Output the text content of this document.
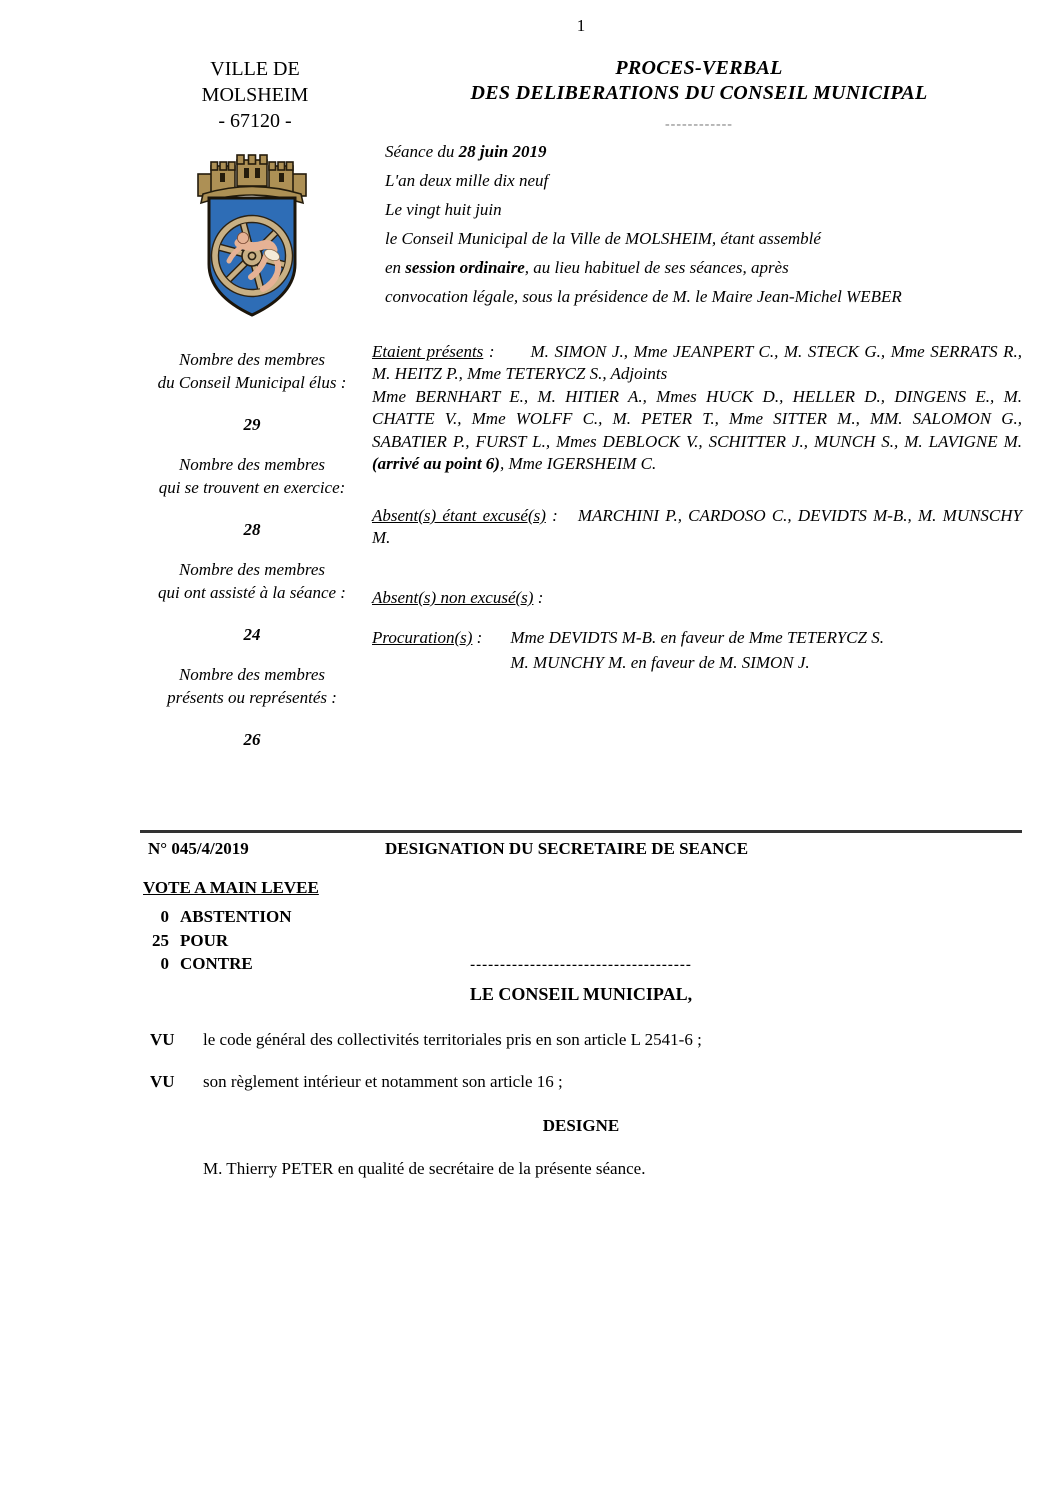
1
VILLE DE
MOLSHEIM
- 67120 -
PROCES-VERBAL
DES DELIBERATIONS DU CONSEIL MUNICIPAL
------------

Séance du 28 juin 2019

L'an deux mille dix neuf

Le vingt huit juin

le Conseil Municipal de la Ville de MOLSHEIM, étant assemblé

en session ordinaire, au lieu habituel de ses séances, après

convocation légale, sous la présidence de M. le Maire Jean-Michel WEBER

Nombre des membres
du Conseil Municipal élus :
29
Nombre des membres
qui se trouvent en exercice:
28
Nombre des membres
qui ont assisté à la séance :
24
Nombre des membres
présents ou représentés :
26
Etaient présents : M. SIMON J., Mme JEANPERT C., M. STECK G., Mme SERRATS R., M. HEITZ P., Mme TETERYCZ S., Adjoints
Mme BERNHART E., M. HITIER A., Mmes HUCK D., HELLER D., DINGENS E., M. CHATTE V., Mme WOLFF C., M. PETER T., Mme SITTER M., MM. SALOMON G., SABATIER P., FURST L., Mmes DEBLOCK V., SCHITTER J., MUNCH S., M. LAVIGNE M. (arrivé au point 6), Mme IGERSHEIM C.
Absent(s) étant excusé(s) : MARCHINI P., CARDOSO C., DEVIDTS M-B., M. MUNSCHY M.
Absent(s) non excusé(s) :
Procuration(s) : Mme DEVIDTS M-B. en faveur de Mme TETERYCZ S.
M. MUNCHY M. en faveur de M. SIMON J.
N° 045/4/2019	DESIGNATION DU SECRETAIRE DE SEANCE
VOTE A MAIN LEVEE
0 ABSTENTION
25 POUR
0 CONTRE	-------------------------------------
LE CONSEIL MUNICIPAL,
VU	le code général des collectivités territoriales pris en son article L 2541-6 ;
VU	son règlement intérieur et notamment son article 16 ;
DESIGNE
M. Thierry PETER en qualité de secrétaire de la présente séance.
